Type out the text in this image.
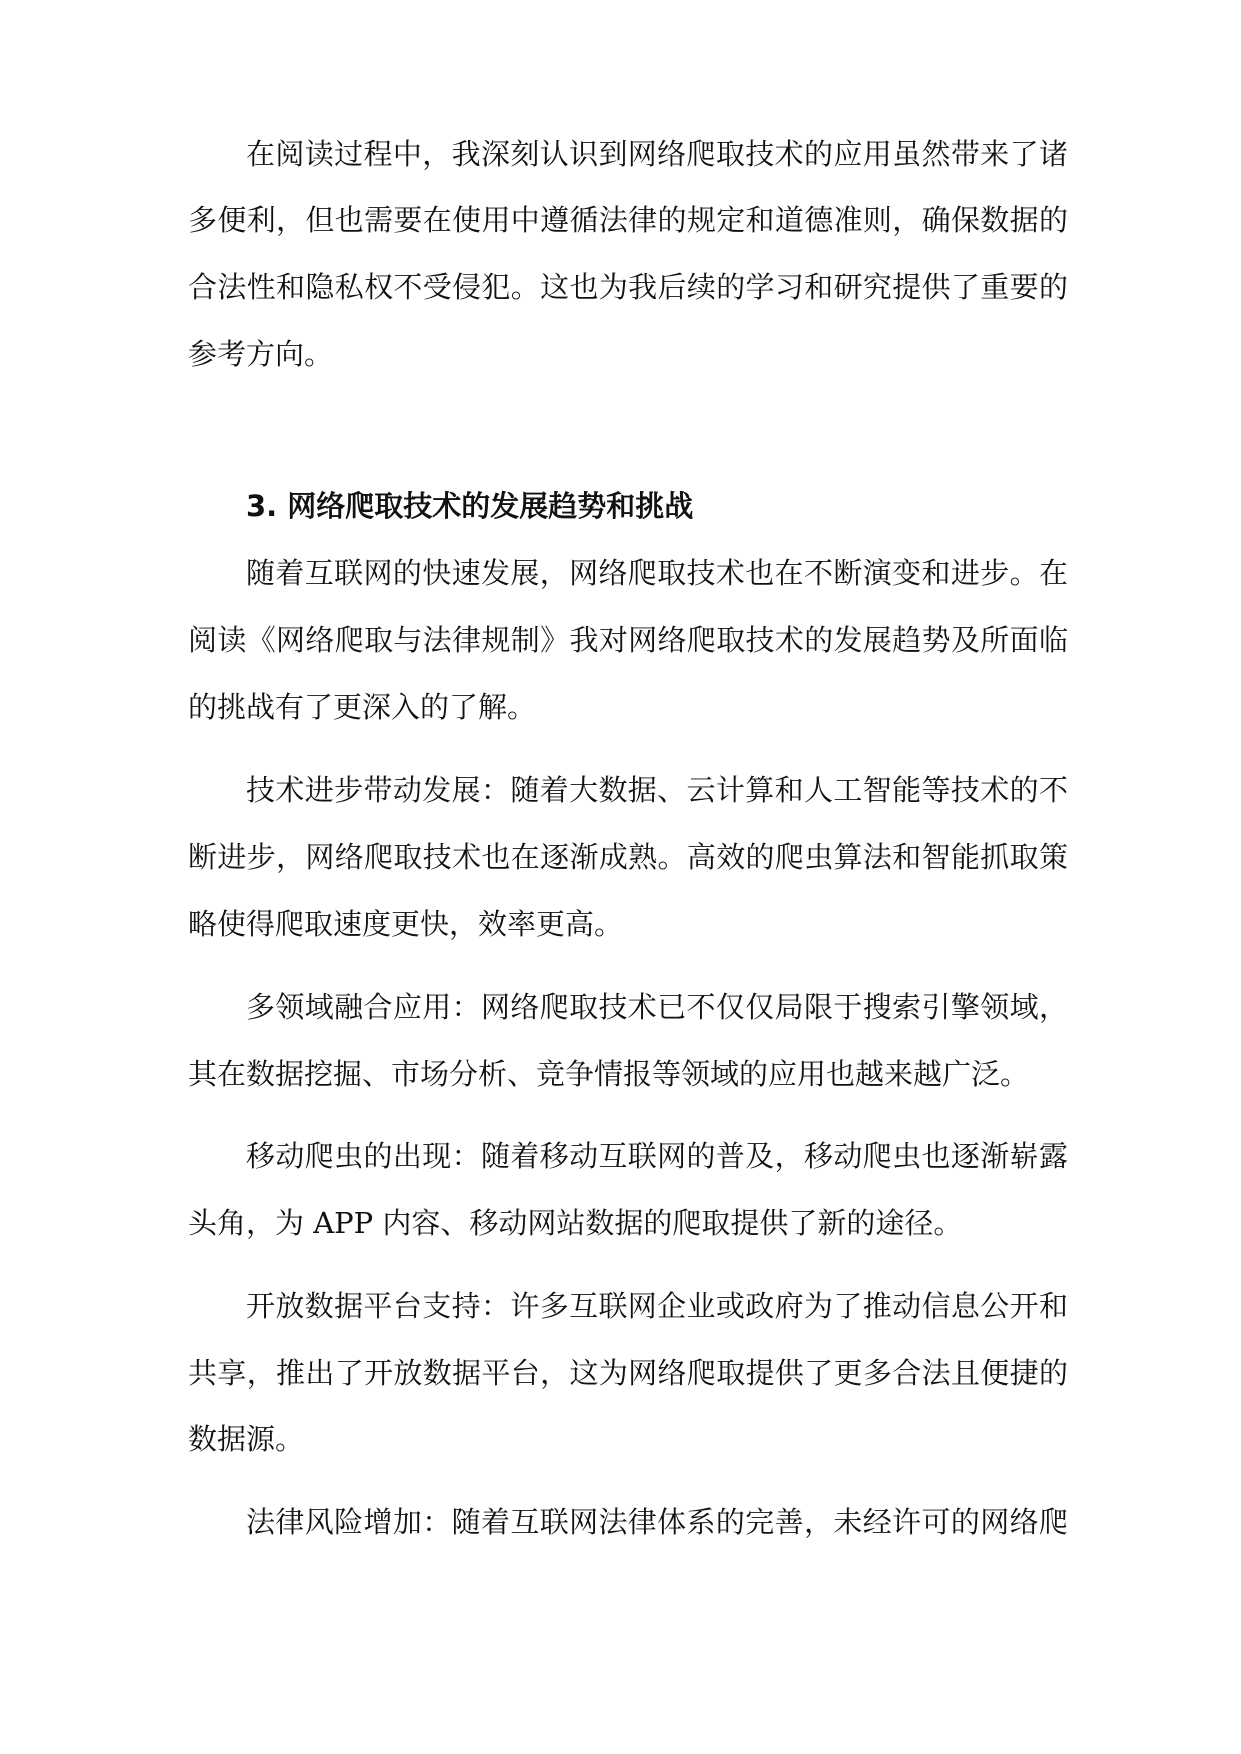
在阅读过程中，我深刻认识到网络爬取技术的应用虽然带来了诸
多便利，但也需要在使用中遵循法律的规定和道德准则，确保数据的
合法性和隐私权不受侵犯。这也为我后续的学习和研究提供了重要的
参考方向。
3. 网络爬取技术的发展趋势和挑战
随着互联网的快速发展，网络爬取技术也在不断演变和进步。在
阅读《网络爬取与法律规制》我对网络爬取技术的发展趋势及所面临
的挑战有了更深入的了解。
技术进步带动发展：随着大数据、云计算和人工智能等技术的不
断进步，网络爬取技术也在逐渐成熟。高效的爬虫算法和智能抓取策
略使得爬取速度更快，效率更高。
多领域融合应用：网络爬取技术已不仅仅局限于搜索引擎领域，
其在数据挖掘、市场分析、竞争情报等领域的应用也越来越广泛。
移动爬虫的出现：随着移动互联网的普及，移动爬虫也逐渐崭露
头角，为 APP 内容、移动网站数据的爬取提供了新的途径。
开放数据平台支持：许多互联网企业或政府为了推动信息公开和
共享，推出了开放数据平台，这为网络爬取提供了更多合法且便捷的
数据源。
法律风险增加：随着互联网法律体系的完善，未经许可的网络爬
